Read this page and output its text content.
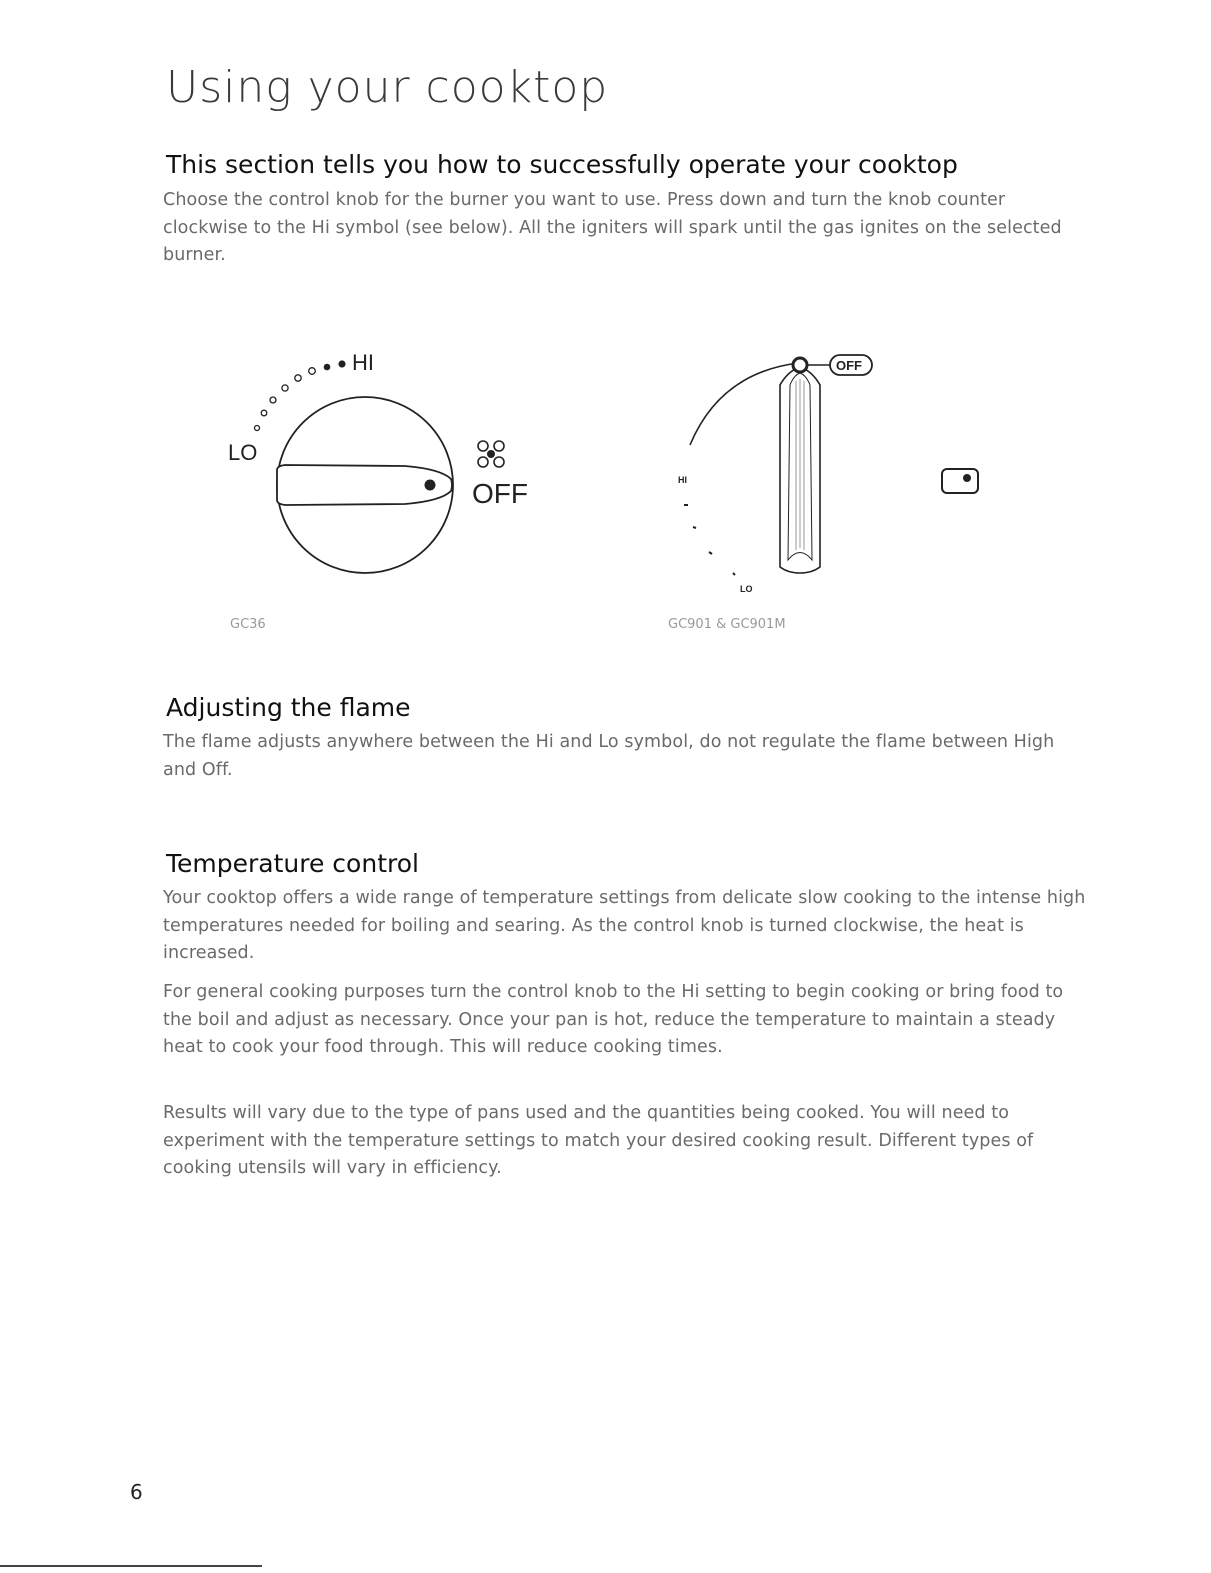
Using your cooktop
This section tells you how to successfully operate your cooktop

Choose the control knob for the burner you want to use. Press down and turn the knob counter clockwise to the Hi symbol (see below). All the igniters will spark until the gas ignites on the selected burner.

HI
LO
OFF
GC36
OFF
HI
LO
GC901 & GC901M
Adjusting the flame

The flame adjusts anywhere between the Hi and Lo symbol, do not regulate the flame between High and Off.

Temperature control

Your cooktop offers a wide range of temperature settings from delicate slow cooking to the intense high temperatures needed for boiling and searing. As the control knob is turned clockwise, the heat is increased.

For general cooking purposes turn the control knob to the Hi setting to begin cooking or bring food to the boil and adjust as necessary. Once your pan is hot, reduce the temperature to maintain a steady heat to cook your food through. This will reduce cooking times.

Results will vary due to the type of pans used and the quantities being cooked. You will need to experiment with the temperature settings to match your desired cooking result. Different types of cooking utensils will vary in efficiency.

6
